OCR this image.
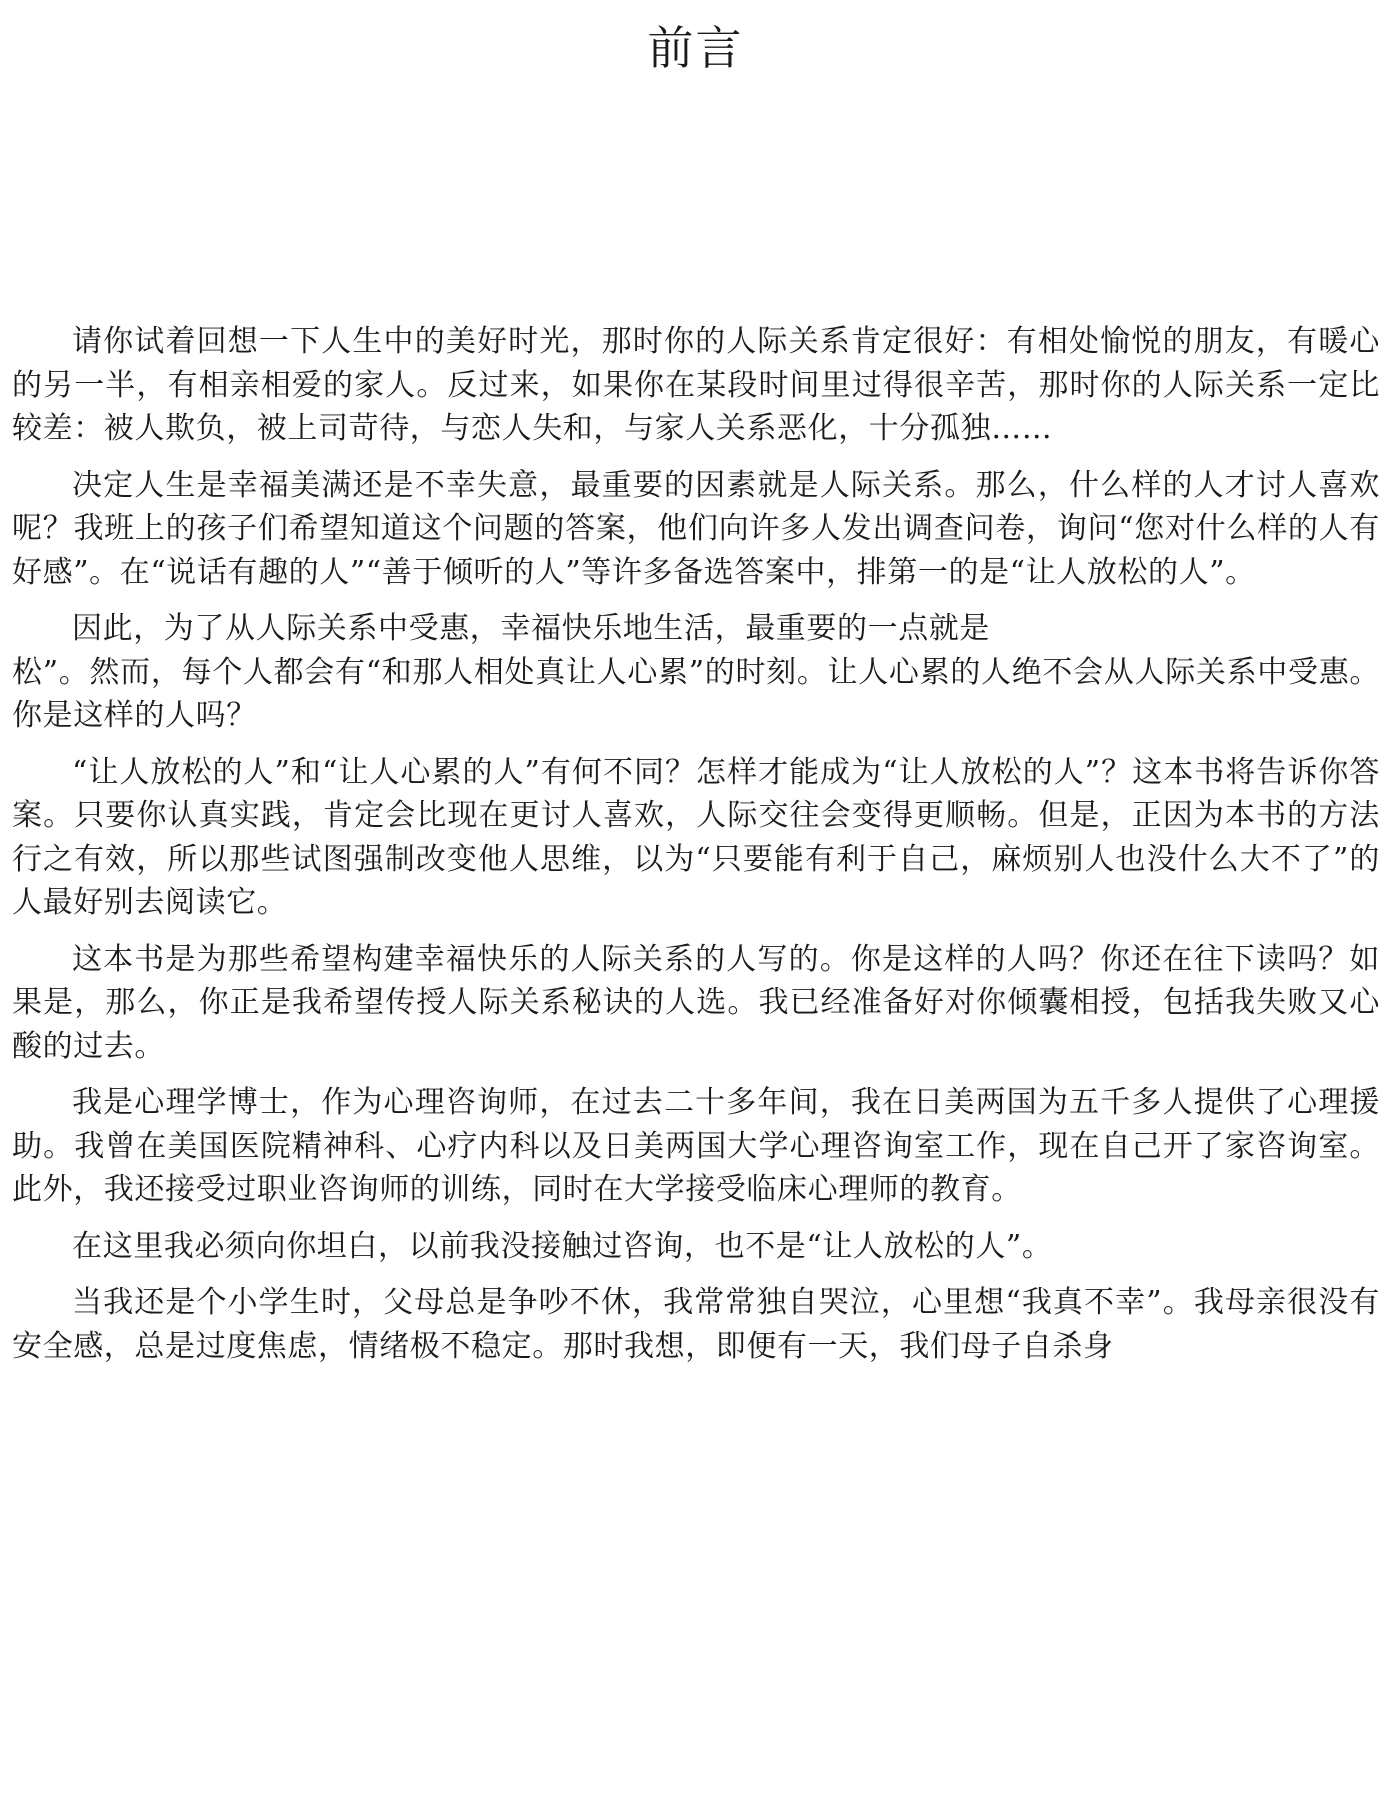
前言

请你试着回想一下人生中的美好时光，那时你的人际关系肯定很好：有相处愉悦的朋友，有暖心的另一半，有相亲相爱的家人。反过来，如果你在某段时间里过得很辛苦，那时你的人际关系一定比较差：被人欺负，被上司苛待，与恋人失和，与家人关系恶化，十分孤独……

决定人生是幸福美满还是不幸失意，最重要的因素就是人际关系。那么，什么样的人才讨人喜欢呢？我班上的孩子们希望知道这个问题的答案，他们向许多人发出调查问卷，询问“您对什么样的人有好感”。在“说话有趣的人”“善于倾听的人”等许多备选答案中，排第一的是“让人放松的人”。

因此，为了从人际关系中受惠，幸福快乐地生活，最重要的一点就是
松”。然而，每个人都会有“和那人相处真让人心累”的时刻。让人心累的人绝不会从人际关系中受惠。你是这样的人吗？

“让人放松的人”和“让人心累的人”有何不同？怎样才能成为“让人放松的人”？这本书将告诉你答案。只要你认真实践，肯定会比现在更讨人喜欢，人际交往会变得更顺畅。但是，正因为本书的方法行之有效，所以那些试图强制改变他人思维，以为“只要能有利于自己，麻烦别人也没什么大不了”的人最好别去阅读它。

这本书是为那些希望构建幸福快乐的人际关系的人写的。你是这样的人吗？你还在往下读吗？如果是，那么，你正是我希望传授人际关系秘诀的人选。我已经准备好对你倾囊相授，包括我失败又心酸的过去。

我是心理学博士，作为心理咨询师，在过去二十多年间，我在日美两国为五千多人提供了心理援助。我曾在美国医院精神科、心疗内科以及日美两国大学心理咨询室工作，现在自己开了家咨询室。此外，我还接受过职业咨询师的训练，同时在大学接受临床心理师的教育。

在这里我必须向你坦白，以前我没接触过咨询，也不是“让人放松的人”。

当我还是个小学生时，父母总是争吵不休，我常常独自哭泣，心里想“我真不幸”。我母亲很没有安全感，总是过度焦虑，情绪极不稳定。那时我想，即便有一天，我们母子自杀身
